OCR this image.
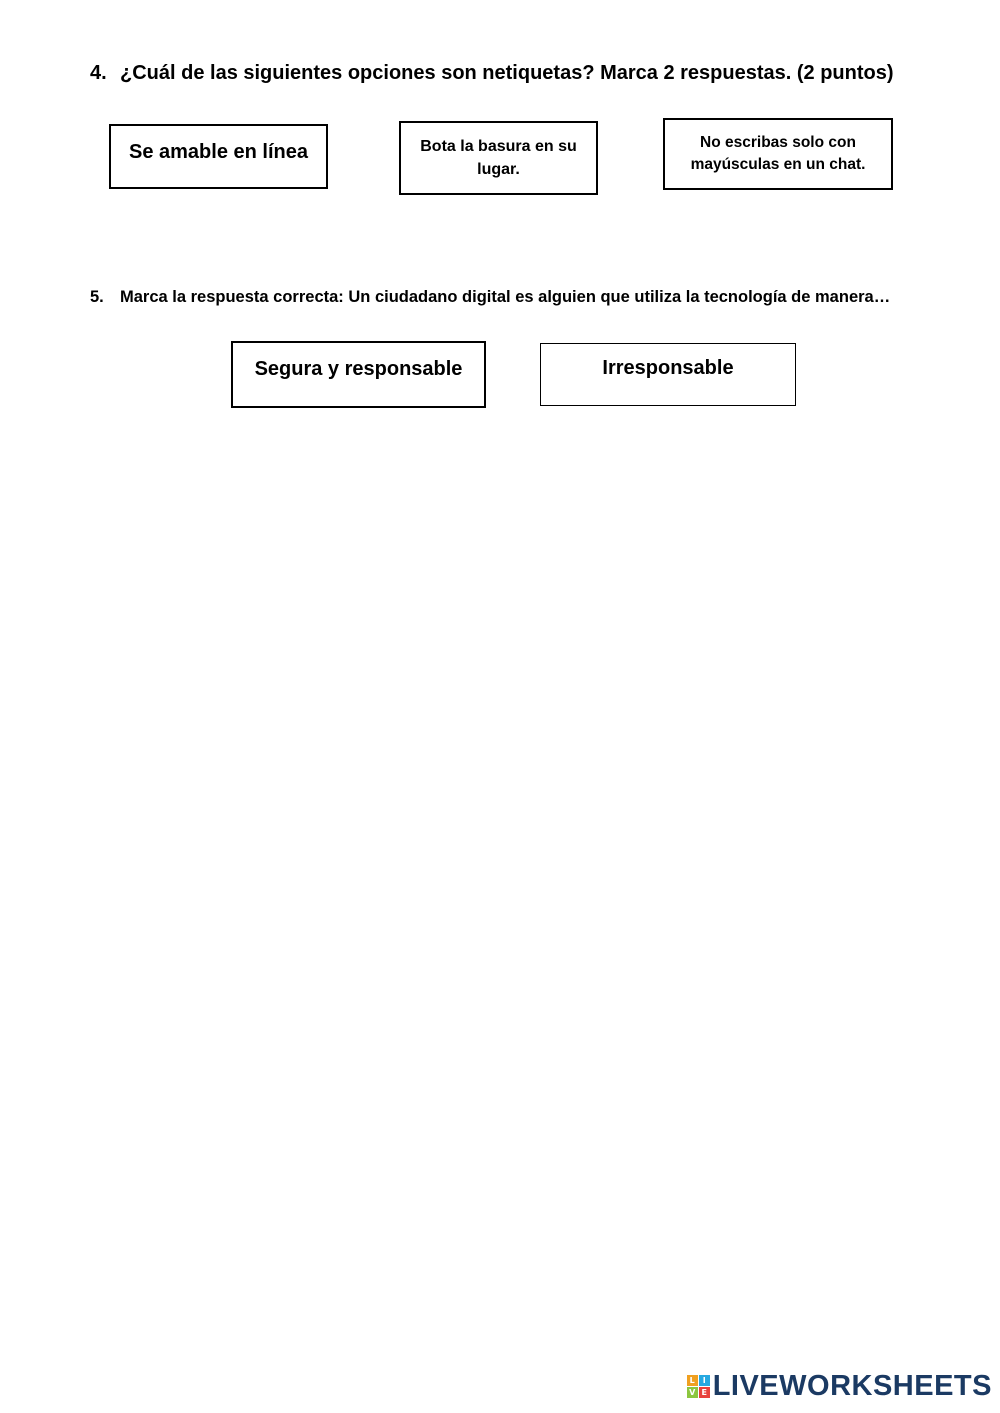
4. ¿Cuál de las siguientes opciones son netiquetas? Marca 2 respuestas. (2 puntos)
Se amable en línea	Bota la basura en su
lugar.
No escribas solo con
mayúsculas en un chat.
5. Marca la respuesta correcta: Un ciudadano digital es alguien que utiliza la tecnología de manera…
Segura y responsable	Irresponsable
L I
V E LIVEWORKSHEETS
